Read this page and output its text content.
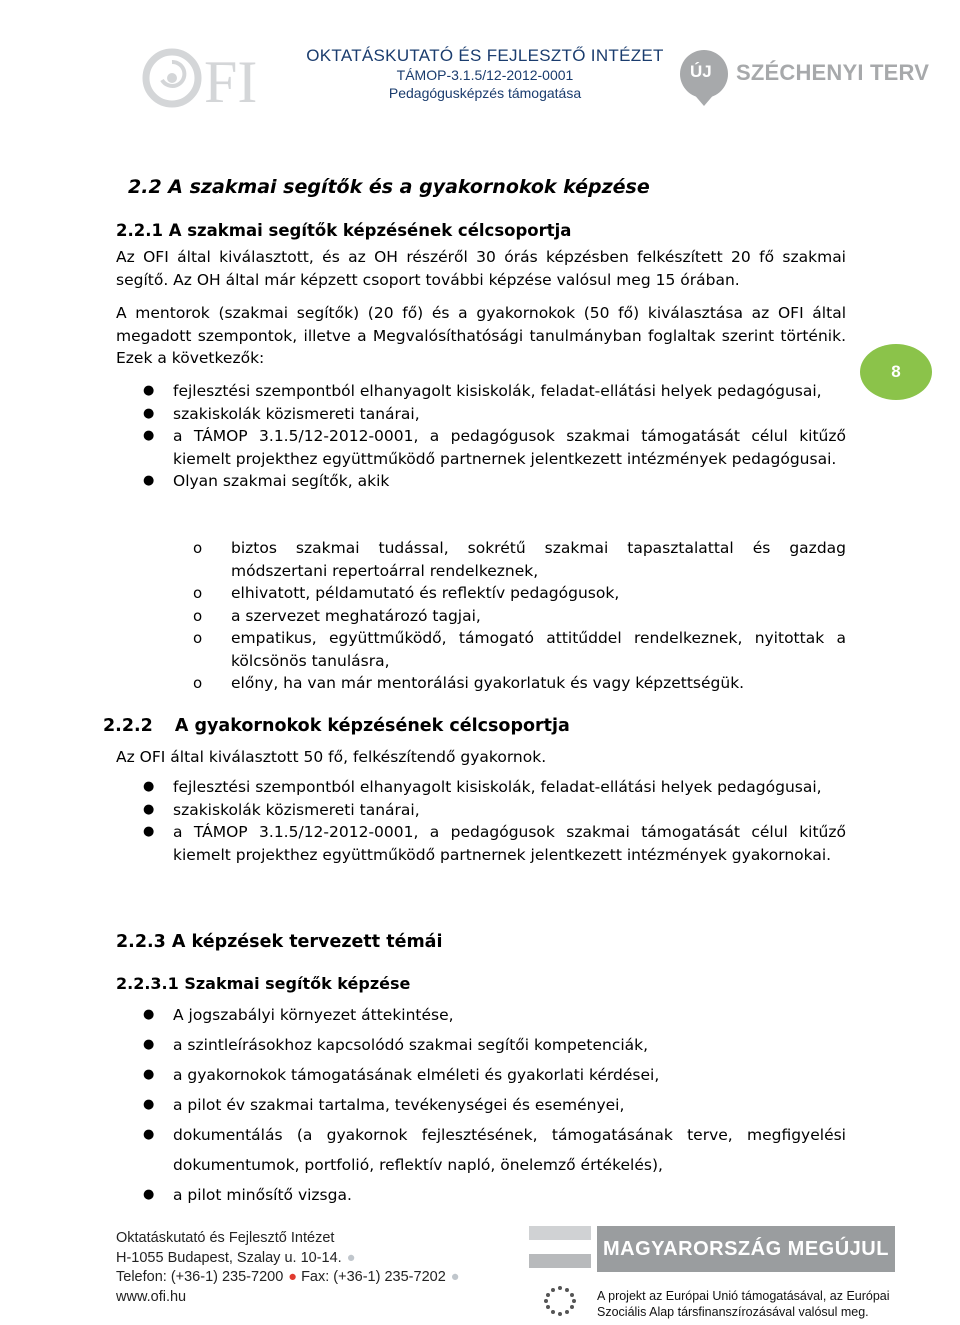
FI	OKTATÁSKUTATÓ ÉS FEJLESZTŐ INTÉZET
TÁMOP-3.1.5/12-2012-0001
Pedagógusképzés támogatása
ÚJ SZÉCHENYI TERV
8
2.2 A szakmai segítők és a gyakornokok képzése
2.2.1 A szakmai segítők képzésének célcsoportja
Az OFI által kiválasztott, és az OH részéről 30 órás képzésben felkészített 20 fő szakmai segítő. Az OH által már képzett csoport további képzése valósul meg 15 órában.
A mentorok (szakmai segítők) (20 fő) és a gyakornokok (50 fő) kiválasztása az OFI által megadott szempontok, illetve a Megvalósíthatósági tanulmányban foglaltak szerint történik. Ezek a következők:
● fejlesztési szempontból elhanyagolt kisiskolák, feladat-ellátási helyek pedagógusai,
● szakiskolák közismereti tanárai,
● a TÁMOP 3.1.5/12-2012-0001, a pedagógusok szakmai támogatását célul kitűző kiemelt projekthez együttműködő partnernek jelentkezett intézmények pedagógusai.
● Olyan szakmai segítők, akik
o biztos szakmai tudással, sokrétű szakmai tapasztalattal és gazdag módszertani repertoárral rendelkeznek,
o elhivatott, példamutató és reflektív pedagógusok,
o a szervezet meghatározó tagjai,
o empatikus, együttműködő, támogató attitűddel rendelkeznek, nyitottak a kölcsönös tanulásra,
o előny, ha van már mentorálási gyakorlatuk és vagy képzettségük.
2.2.2 A gyakornokok képzésének célcsoportja
Az OFI által kiválasztott 50 fő, felkészítendő gyakornok.
● fejlesztési szempontból elhanyagolt kisiskolák, feladat-ellátási helyek pedagógusai,
● szakiskolák közismereti tanárai,
● a TÁMOP 3.1.5/12-2012-0001, a pedagógusok szakmai támogatását célul kitűző kiemelt projekthez együttműködő partnernek jelentkezett intézmények gyakornokai.
2.2.3 A képzések tervezett témái
2.2.3.1 Szakmai segítők képzése
● A jogszabályi környezet áttekintése,
● a szintleírásokhoz kapcsolódó szakmai segítői kompetenciák,
● a gyakornokok támogatásának elméleti és gyakorlati kérdései,
● a pilot év szakmai tartalma, tevékenységei és eseményei,
● dokumentálás (a gyakornok fejlesztésének, támogatásának terve, megfigyelési dokumentumok, portfolió, reflektív napló, önelemző értékelés),
● a pilot minősítő vizsga.
Oktatáskutató és Fejlesztő Intézet
H-1055 Budapest, Szalay u. 10-14. ●
Telefon: (+36-1) 235-7200 ● Fax: (+36-1) 235-7202 ●
www.ofi.hu
MAGYARORSZÁG MEGÚJUL
A projekt az Európai Unió támogatásával, az Európai
Szociális Alap társfinanszírozásával valósul meg.
